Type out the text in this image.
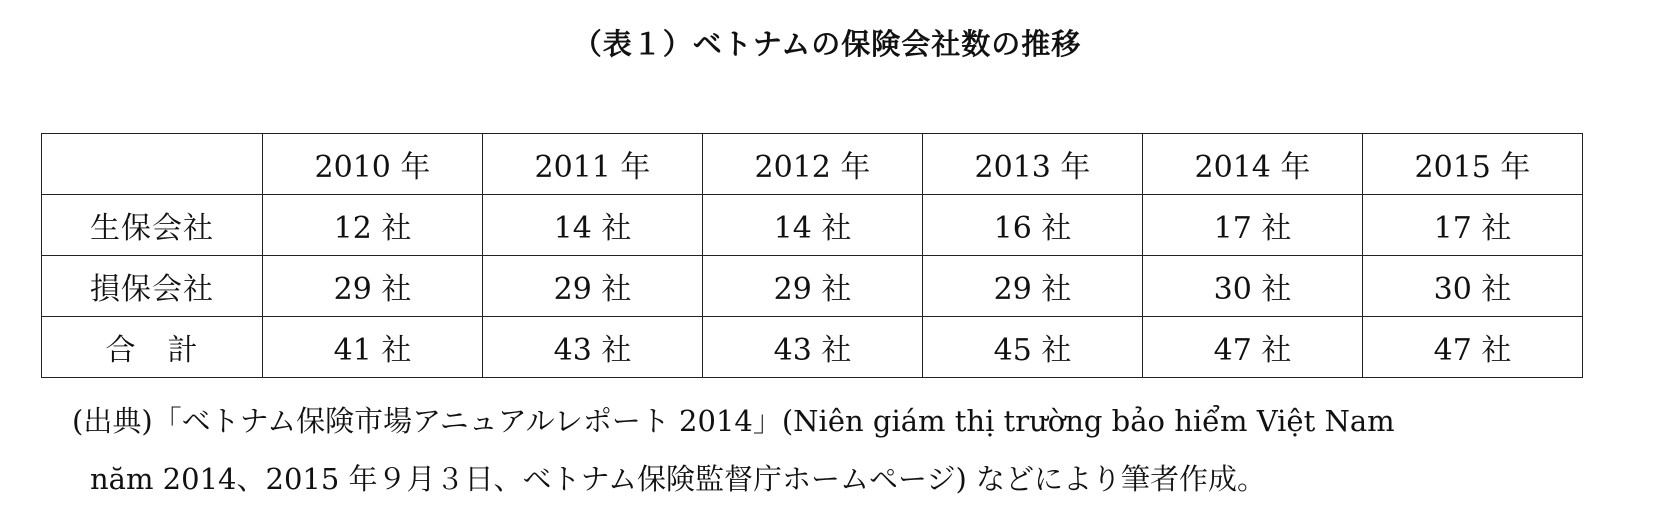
（表１）ベトナムの保険会社数の推移
	2010 年	2011 年	2012 年	2013 年	2014 年	2015 年
生保会社	12 社	14 社	14 社	16 社	17 社	17 社
損保会社	29 社	29 社	29 社	29 社	30 社	30 社
合　計	41 社	43 社	43 社	45 社	47 社	47 社
(出典)「ベトナム保険市場アニュアルレポート 2014」(Niên giám thị trường bảo hiểm Việt Nam
năm 2014、2015 年９月３日、ベトナム保険監督庁ホームページ) などにより筆者作成。
